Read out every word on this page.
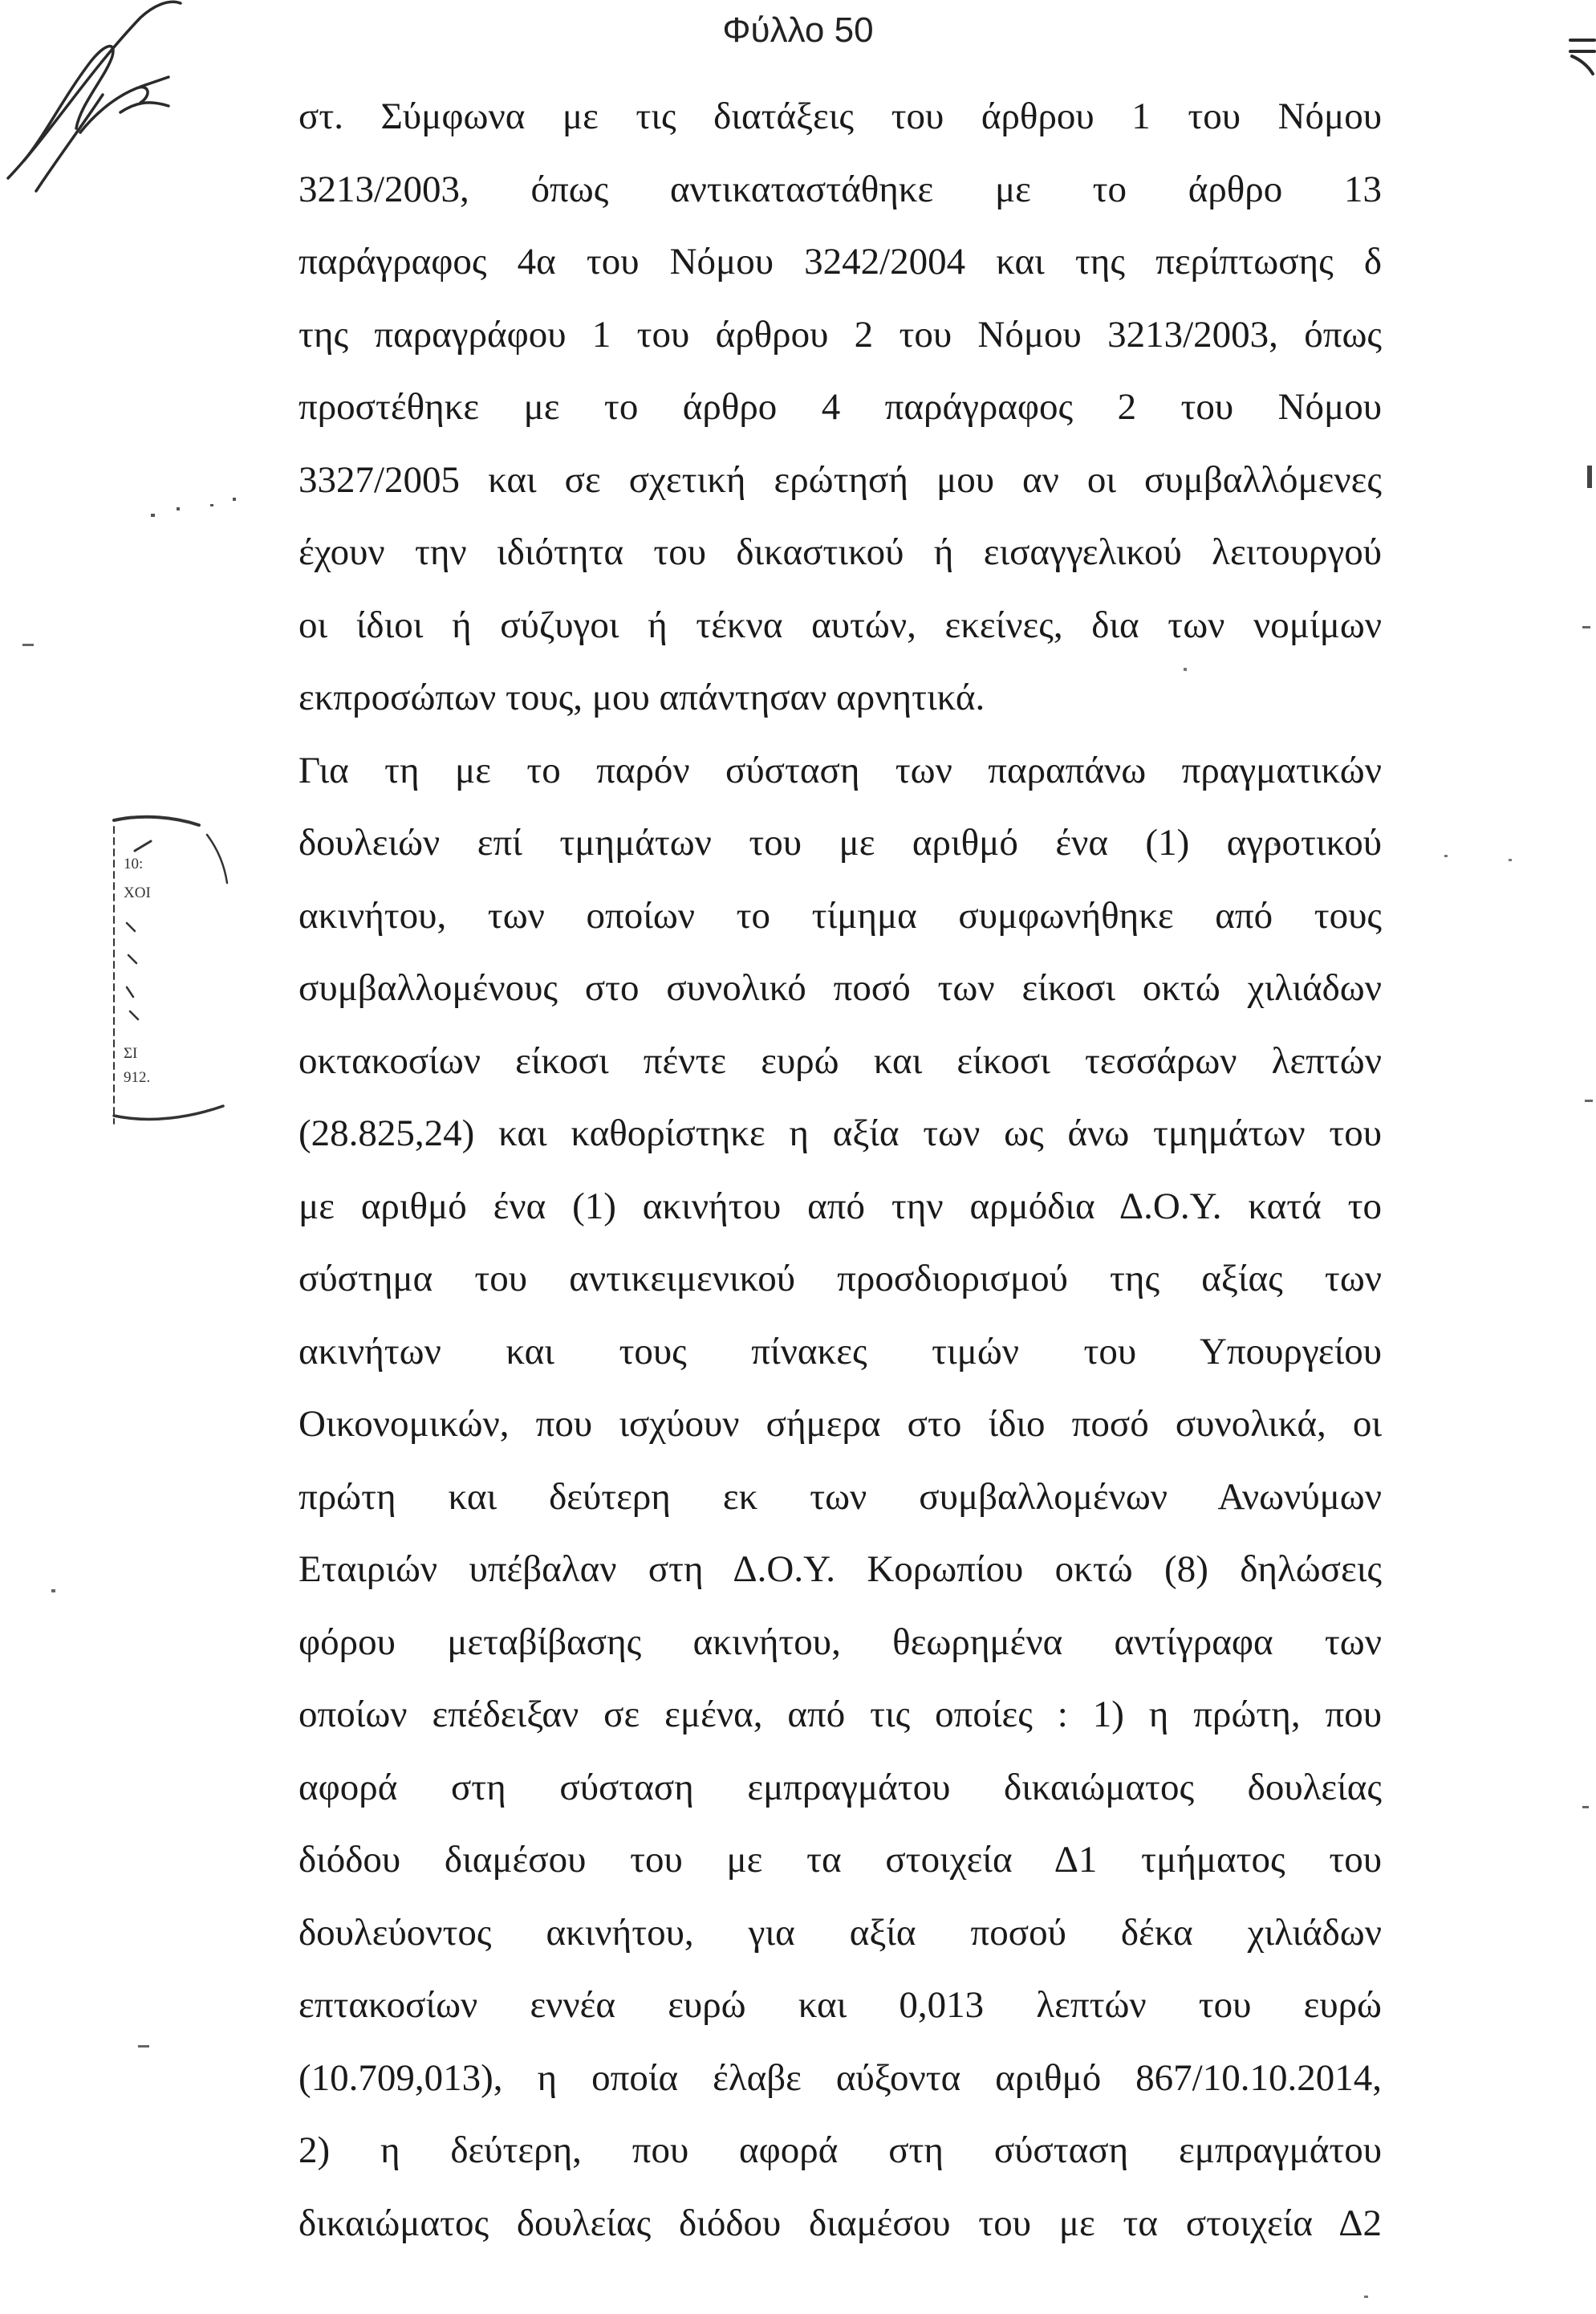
Φύλλο 50
10:
ΧΟΙ
ΣΙ
912.
στ. Σύμφωνα με τις διατάξεις του άρθρου 1 του Νόμου
3213/2003, όπως αντικαταστάθηκε με το άρθρο 13
παράγραφος 4α του Νόμου 3242/2004 και της περίπτωσης δ
της παραγράφου 1 του άρθρου 2 του Νόμου 3213/2003, όπως
προστέθηκε με το άρθρο 4 παράγραφος 2 του Νόμου
3327/2005 και σε σχετική ερώτησή μου αν οι συμβαλλόμενες
έχουν την ιδιότητα του δικαστικού ή εισαγγελικού λειτουργού
οι ίδιοι ή σύζυγοι ή τέκνα αυτών, εκείνες, δια των νομίμων
εκπροσώπων τους, μου απάντησαν αρνητικά.
Για τη με το παρόν σύσταση των παραπάνω πραγματικών
δουλειών επί τμημάτων του με αριθμό ένα (1) αγροτικού
ακινήτου, των οποίων το τίμημα συμφωνήθηκε από τους
συμβαλλομένους στο συνολικό ποσό των είκοσι οκτώ χιλιάδων
οκτακοσίων είκοσι πέντε ευρώ και είκοσι τεσσάρων λεπτών
(28.825,24) και καθορίστηκε η αξία των ως άνω τμημάτων του
με αριθμό ένα (1) ακινήτου από την αρμόδια Δ.Ο.Υ. κατά το
σύστημα του αντικειμενικού προσδιορισμού της αξίας των
ακινήτων και τους πίνακες τιμών του Υπουργείου
Οικονομικών, που ισχύουν σήμερα στο ίδιο ποσό συνολικά, οι
πρώτη και δεύτερη εκ των συμβαλλομένων Ανωνύμων
Εταιριών υπέβαλαν στη Δ.Ο.Υ. Κορωπίου οκτώ (8) δηλώσεις
φόρου μεταβίβασης ακινήτου, θεωρημένα αντίγραφα των
οποίων επέδειξαν σε εμένα, από τις οποίες : 1) η πρώτη, που
αφορά στη σύσταση εμπραγμάτου δικαιώματος δουλείας
διόδου διαμέσου του με τα στοιχεία Δ1 τμήματος του
δουλεύοντος ακινήτου, για αξία ποσού δέκα χιλιάδων
επτακοσίων εννέα ευρώ και 0,013 λεπτών του ευρώ
(10.709,013), η οποία έλαβε αύξοντα αριθμό 867/10.10.2014,
2) η δεύτερη, που αφορά στη σύσταση εμπραγμάτου
δικαιώματος δουλείας διόδου διαμέσου του με τα στοιχεία Δ2
